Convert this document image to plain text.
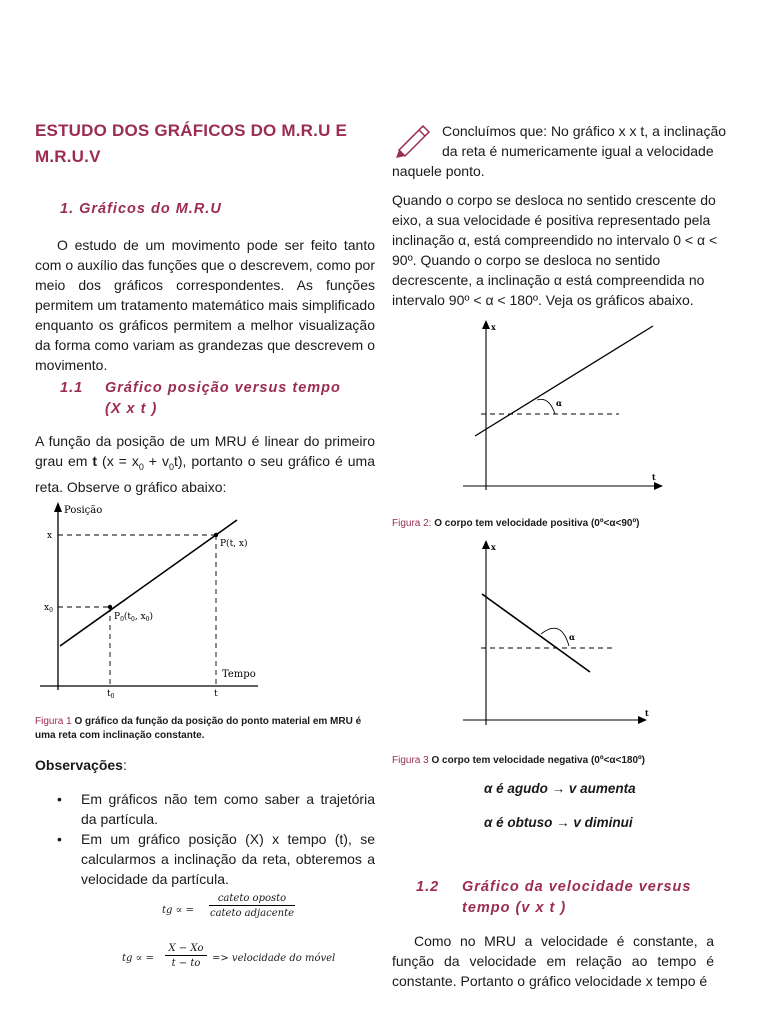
ESTUDO DOS GRÁFICOS DO M.R.U E
M.R.U.V
1. Gráficos do M.R.U
O estudo de um movimento pode ser feito tanto com o auxílio das funções que o descrevem, como por meio dos gráficos correspondentes. As funções permitem um tratamento matemático mais simplificado enquanto os gráficos permitem a melhor visualização da forma como variam as grandezas que descrevem o movimento.
1.1 Gráfico posição versus tempo
(X x t )
A função da posição de um MRU é linear do primeiro grau em t $(x = x_0 + v_0t)$, portanto o seu gráfico é uma reta. Observe o gráfico abaixo:
Posição
Tempo
x
$x_0$
$t_0$	t
P(t, x)
$P_0(t_0$, $x_0$)
Figura 1 O gráfico da função da posição do ponto material em MRU é uma reta com inclinação constante.
Observações:
• Em gráficos não tem como saber a trajetória da partícula.
• Em um gráfico posição (X) x tempo (t), se calcularmos a inclinação da reta, obteremos a velocidade da partícula.
tg ∝ =
cateto oposto
cateto adjacente
tg ∝ =
X − Xo
t − to	=> velocidade do móvel
Concluímos que: No gráfico x x t, a inclinação
da reta é numericamente igual a velocidade
naquele ponto.
Quando o corpo se desloca no sentido crescente do eixo, a sua velocidade é positiva representado pela inclinação α, está compreendido no intervalo 0 < α < 90º. Quando o corpo se desloca no sentido decrescente, a inclinação α está compreendida no intervalo 90º < α < 180º. Veja os gráficos abaixo.
α
x
t
Figura 2: O corpo tem velocidade positiva (0º<α<90º)
α
x
t
Figura 3 O corpo tem velocidade negativa (0º<α<180º)
α é agudo → v aumenta
α é obtuso → v diminui
1.2 Gráfico da velocidade versus
tempo (v x t )
Como no MRU a velocidade é constante, a função da velocidade em relação ao tempo é constante. Portanto o gráfico velocidade x tempo é
